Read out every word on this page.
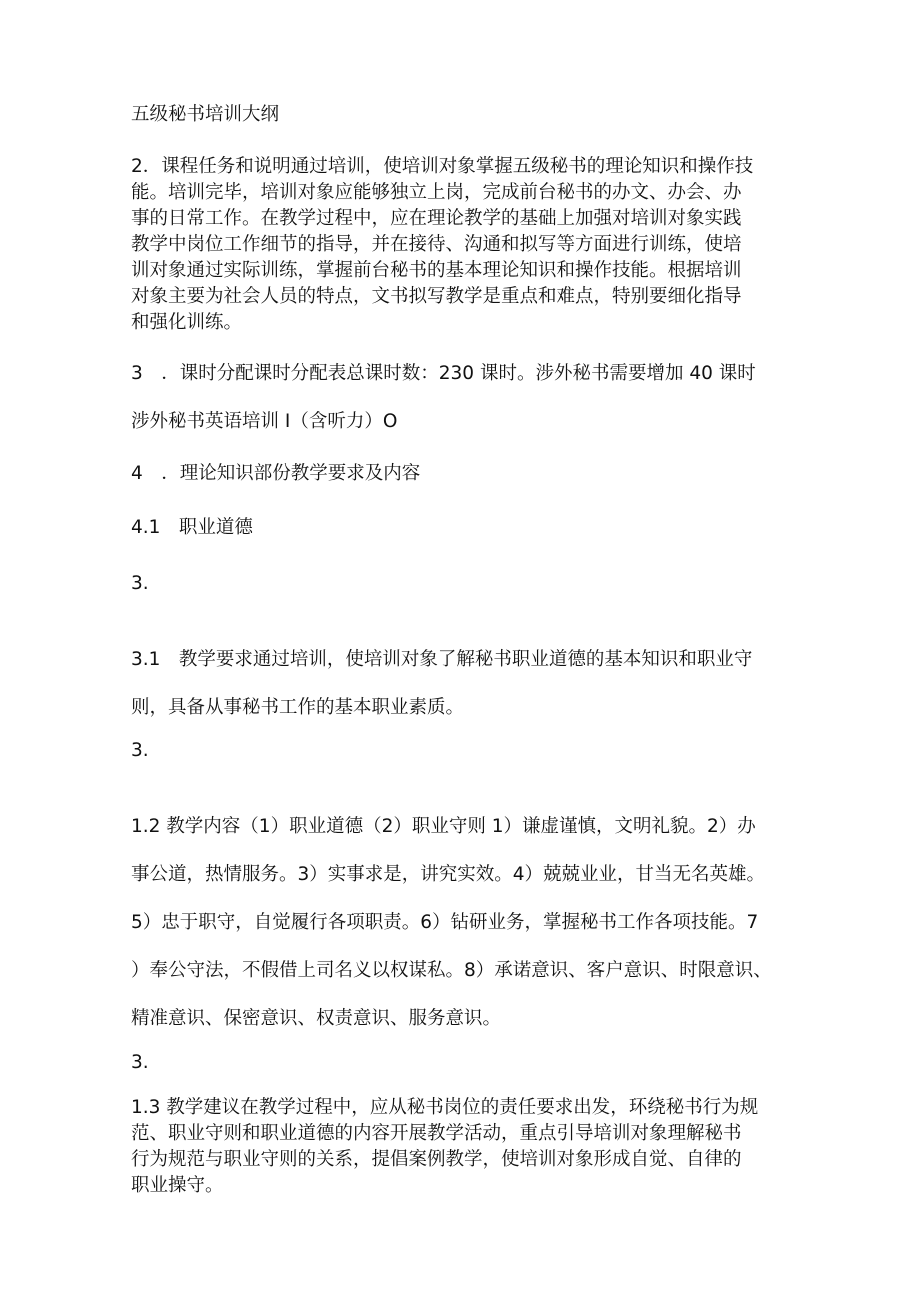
五级秘书培训大纲

2．课程任务和说明通过培训，使培训对象掌握五级秘书的理论知识和操作技
能。培训完毕，培训对象应能够独立上岗，完成前台秘书的办文、办会、办
事的日常工作。在教学过程中，应在理论教学的基础上加强对培训对象实践
教学中岗位工作细节的指导，并在接待、沟通和拟写等方面进行训练，使培
训对象通过实际训练，掌握前台秘书的基本理论知识和操作技能。根据培训
对象主要为社会人员的特点，文书拟写教学是重点和难点，特别要细化指导
和强化训练。

3　．课时分配课时分配表总课时数：230 课时。涉外秘书需要增加 40 课时

涉外秘书英语培训 I（含听力）O

4　．理论知识部份教学要求及内容

4.1　职业道德

3.

3.1　教学要求通过培训，使培训对象了解秘书职业道德的基本知识和职业守
则，具备从事秘书工作的基本职业素质。

3.

1.2 教学内容（1）职业道德（2）职业守则 1）谦虚谨慎，文明礼貌。2）办
事公道，热情服务。3）实事求是，讲究实效。4）兢兢业业，甘当无名英雄。
5）忠于职守，自觉履行各项职责。6）钻研业务，掌握秘书工作各项技能。7
）奉公守法，不假借上司名义以权谋私。8）承诺意识、客户意识、时限意识、
精准意识、保密意识、权责意识、服务意识。

3.

1.3 教学建议在教学过程中，应从秘书岗位的责任要求出发，环绕秘书行为规
范、职业守则和职业道德的内容开展教学活动，重点引导培训对象理解秘书
行为规范与职业守则的关系，提倡案例教学，使培训对象形成自觉、自律的
职业操守。
